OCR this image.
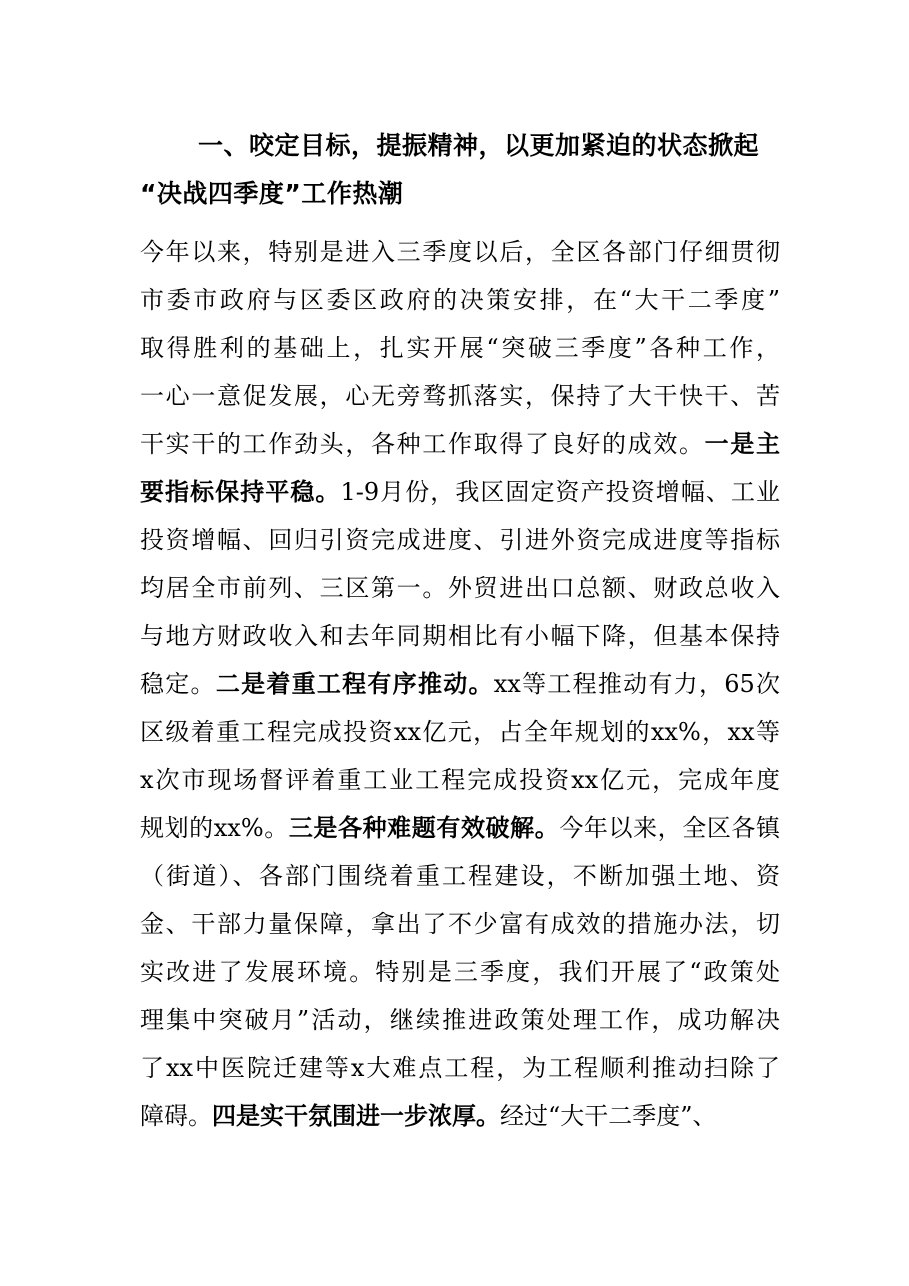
一、咬定目标，提振精神，以更加紧迫的状态掀起
“决战四季度”工作热潮
今年以来，特别是进入三季度以后，全区各部门仔细贯彻
市委市政府与区委区政府的决策安排，在“大干二季度”
取得胜利的基础上，扎实开展“突破三季度”各种工作，
一心一意促发展，心无旁骛抓落实，保持了大干快干、苦
干实干的工作劲头，各种工作取得了良好的成效。一是主
要指标保持平稳。1-9月份，我区固定资产投资增幅、工业
投资增幅、回归引资完成进度、引进外资完成进度等指标
均居全市前列、三区第一。外贸进出口总额、财政总收入
与地方财政收入和去年同期相比有小幅下降，但基本保持
稳定。二是着重工程有序推动。xx等工程推动有力，65次
区级着重工程完成投资xx亿元，占全年规划的xx%，xx等
x次市现场督评着重工业工程完成投资xx亿元，完成年度
规划的xx%。三是各种难题有效破解。今年以来，全区各镇
（街道）、各部门围绕着重工程建设，不断加强土地、资
金、干部力量保障，拿出了不少富有成效的措施办法，切
实改进了发展环境。特别是三季度，我们开展了“政策处
理集中突破月”活动，继续推进政策处理工作，成功解决
了xx中医院迁建等x大难点工程，为工程顺利推动扫除了
障碍。四是实干氛围进一步浓厚。经过“大干二季度”、
